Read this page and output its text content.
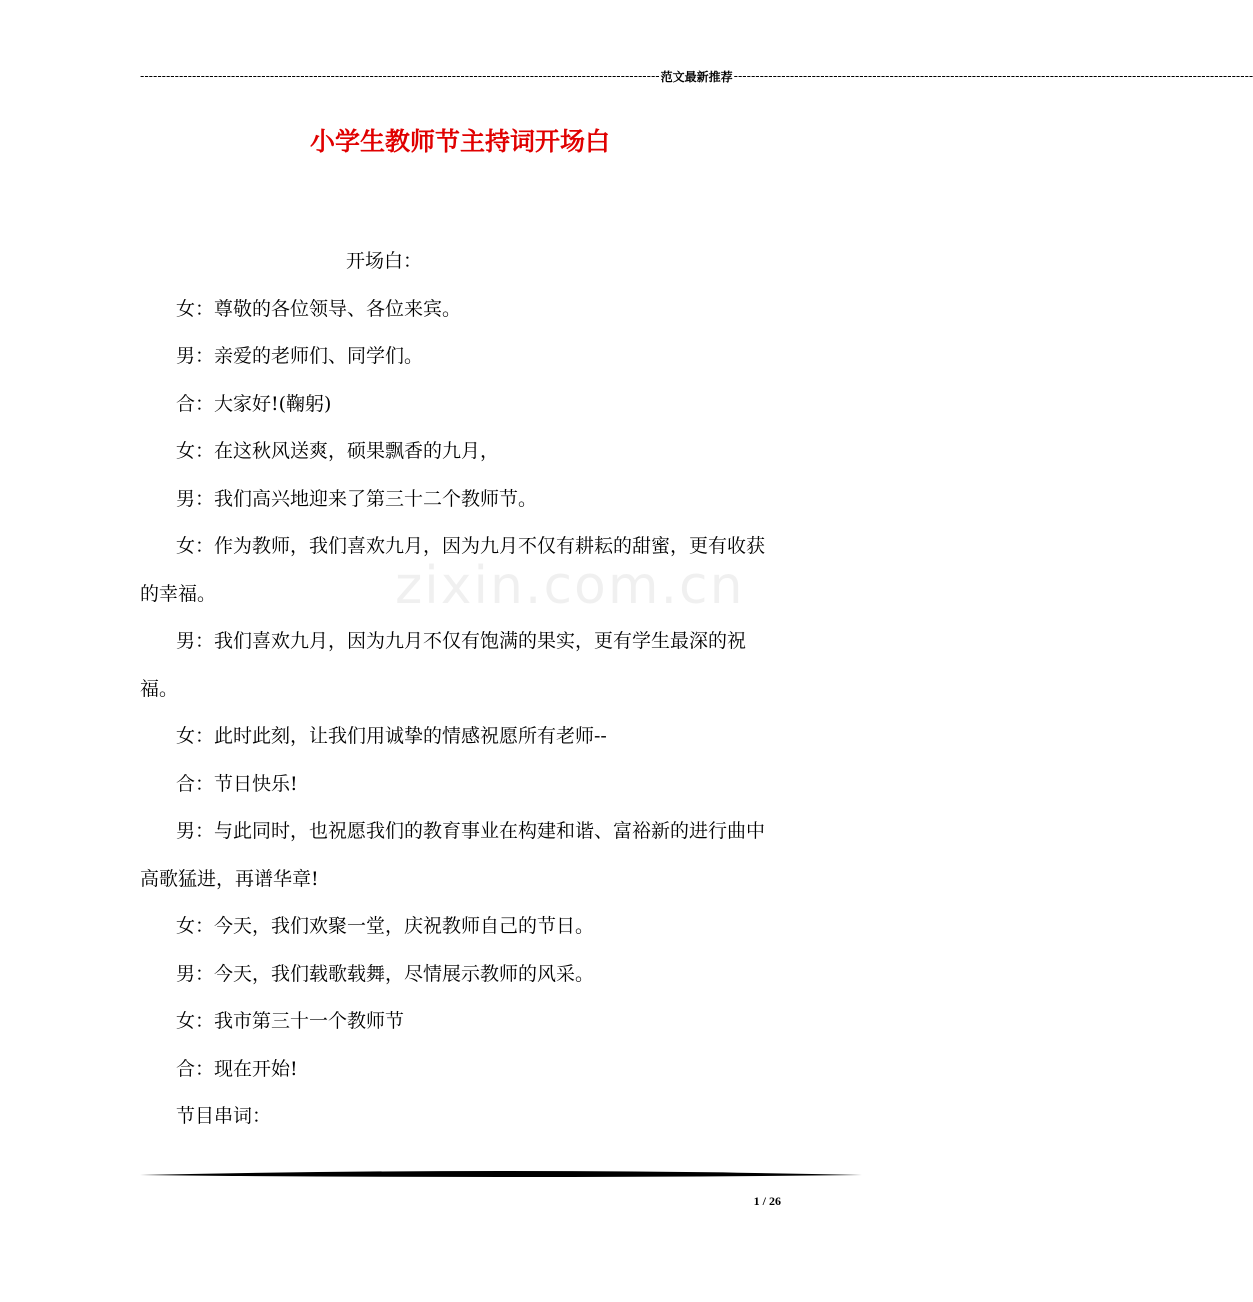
------------------------------------------------------------------------------------------------------------------------ 范文最新推荐 ------------------------------------------------------------------------------------------------------------------------
小学生教师节主持词开场白
zixin.com.cn

开场白：

女：尊敬的各位领导、各位来宾。

男：亲爱的老师们、同学们。

合：大家好!(鞠躬)

女：在这秋风送爽，硕果飘香的九月，

男：我们高兴地迎来了第三十二个教师节。

女：作为教师，我们喜欢九月，因为九月不仅有耕耘的甜蜜，更有收获的幸福。

男：我们喜欢九月，因为九月不仅有饱满的果实，更有学生最深的祝福。

女：此时此刻，让我们用诚挚的情感祝愿所有老师--

合：节日快乐!

男：与此同时，也祝愿我们的教育事业在构建和谐、富裕新的进行曲中高歌猛进，再谱华章!

女：今天，我们欢聚一堂，庆祝教师自己的节日。

男：今天，我们载歌载舞，尽情展示教师的风采。

女：我市第三十一个教师节

合：现在开始!

节目串词：

1 / 26
